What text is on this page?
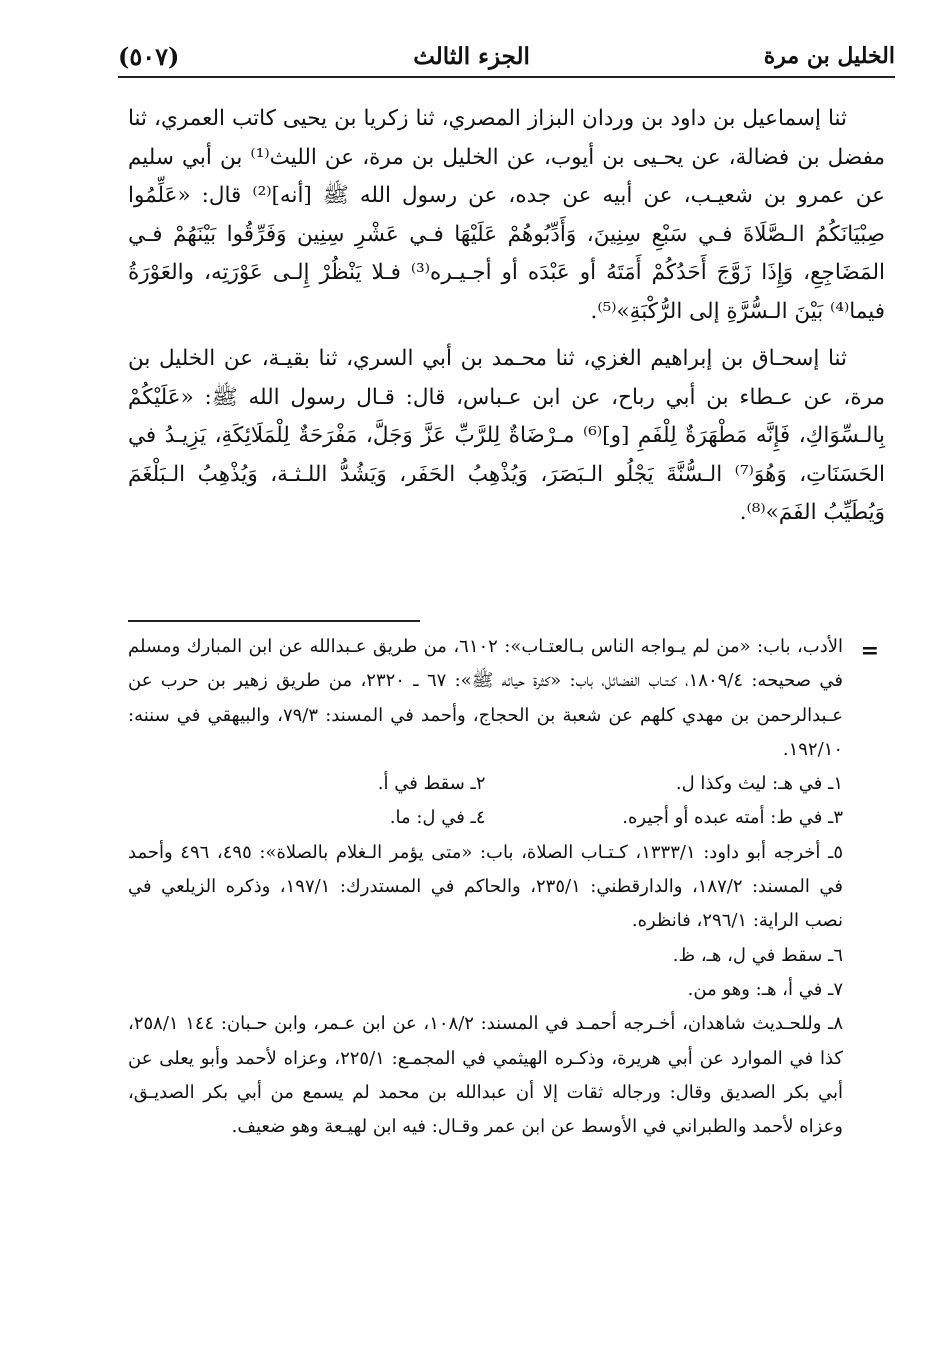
(٥٠٧)	الجزء الثالث	الخليل بن مرة

ثنا إسماعيل بن داود بن وردان البزاز المصري، ثنا زكريا بن يحيى كاتب العمري، ثنا مفضل بن فضالة، عن يحـيى بن أيوب، عن الخليل بن مرة، عن الليث⁽¹⁾ بن أبي سليم عن عمرو بن شعيـب، عن أبيه عن جده، عن رسول الله ﷺ [أنه]⁽²⁾ قال: «عَلِّمُوا صِبْيَانَكُمُ الـصَّلَاةَ فـي سَبْعِ سِنِينَ، وَأَدِّبُوهُمْ عَلَيْهَا فـي عَشْرِ سِنِين وَفَرِّقُوا بَيْنَهُمْ فـي المَضَاجِعِ، وَإِذَا زَوَّجَ أَحَدُكُمْ أَمَتَهُ أو عَبْدَه أو أجـيـره⁽³⁾ فـلا يَنْظُرْ إِلـى عَوْرَتِه، والعَوْرَةُ فيما⁽⁴⁾ بَيْنَ الـسُّرَّةِ إلى الرُّكْبَةِ»⁽⁵⁾.

ثنا إسحـاق بن إبراهيم الغزي، ثنا محـمد بن أبي السري، ثنا بقيـة، عن الخليل بن مرة، عن عـطاء بن أبي رباح، عن ابن عـباس، قال: قـال رسول الله ﷺ: «عَلَيْكُمْ بِالـسِّوَاكِ، فَإِنَّه مَطْهَرَةٌ لِلْفَمِ [و]⁽⁶⁾ مـرْضَاةٌ لِلرَّبِّ عَزَّ وَجَلَّ، مَفْرَحَةٌ لِلْمَلَائِكَةِ، يَزِيـدُ في الحَسَنَاتِ، وَهُوَ⁽⁷⁾ الـسُّنَّةَ يَجْلُو الـبَصَرَ، وَيُذْهِبُ الحَفَر، وَيَشُدُّ اللـثـة، وَيُذْهِبُ الـبَلْغَمَ وَيُطَيِّبُ الفَمَ»⁽⁸⁾.

=

الأدب، باب: «من لم يـواجه الناس بـالعتـاب»: ٦١٠٢، من طريق عـبدالله عن ابن المبارك ومسلم في صحيحه: ١٨٠٩/٤، كـتـاب الفضائل، باب: «كثرة حيائه ﷺ»: ٦٧ ـ ٢٣٢٠، من طريق زهير بن حرب عن عـبدالرحمن بن مهدي كلهم عن شعبة بن الحجاج، وأحمد في المسند: ٧٩/٣، والبيهقي في سننه: ١٩٢/١٠.

١ـ في هـ: ليث وكذا ل.
٢ـ سقط في أ.
٣ـ في ط: أمته عبده أو أجيره.
٤ـ في ل: ما.

٥ـ أخرجه أبو داود: ١٣٣٣/١، كـتـاب الصلاة، باب: «متى يؤمر الـغلام بالصلاة»: ٤٩٥، ٤٩٦ وأحمد في المسند: ١٨٧/٢، والدارقطني: ٢٣٥/١، والحاكم في المستدرك: ١٩٧/١، وذكره الزيلعي في نصب الراية: ٢٩٦/١، فانظره.

٦ـ سقط في ل، هـ، ظ.

٧ـ في أ، هـ: وهو من.

٨ـ وللحـديث شاهدان، أخـرجه أحمـد في المسند: ١٠٨/٢، عن ابن عـمر، وابن حـبان: ١٤٤ ٢٥٨/١، كذا في الموارد عن أبي هريرة، وذكـره الهيثمي في المجمـع: ٢٢٥/١، وعزاه لأحمد وأبو يعلى عن أبي بكر الصديق وقال: ورجاله ثقات إلا أن عبدالله بن محمد لم يسمع من أبي بكر الصديـق، وعزاه لأحمد والطبراني في الأوسط عن ابن عمر وقـال: فيه ابن لهيـعة وهو ضعيف.
